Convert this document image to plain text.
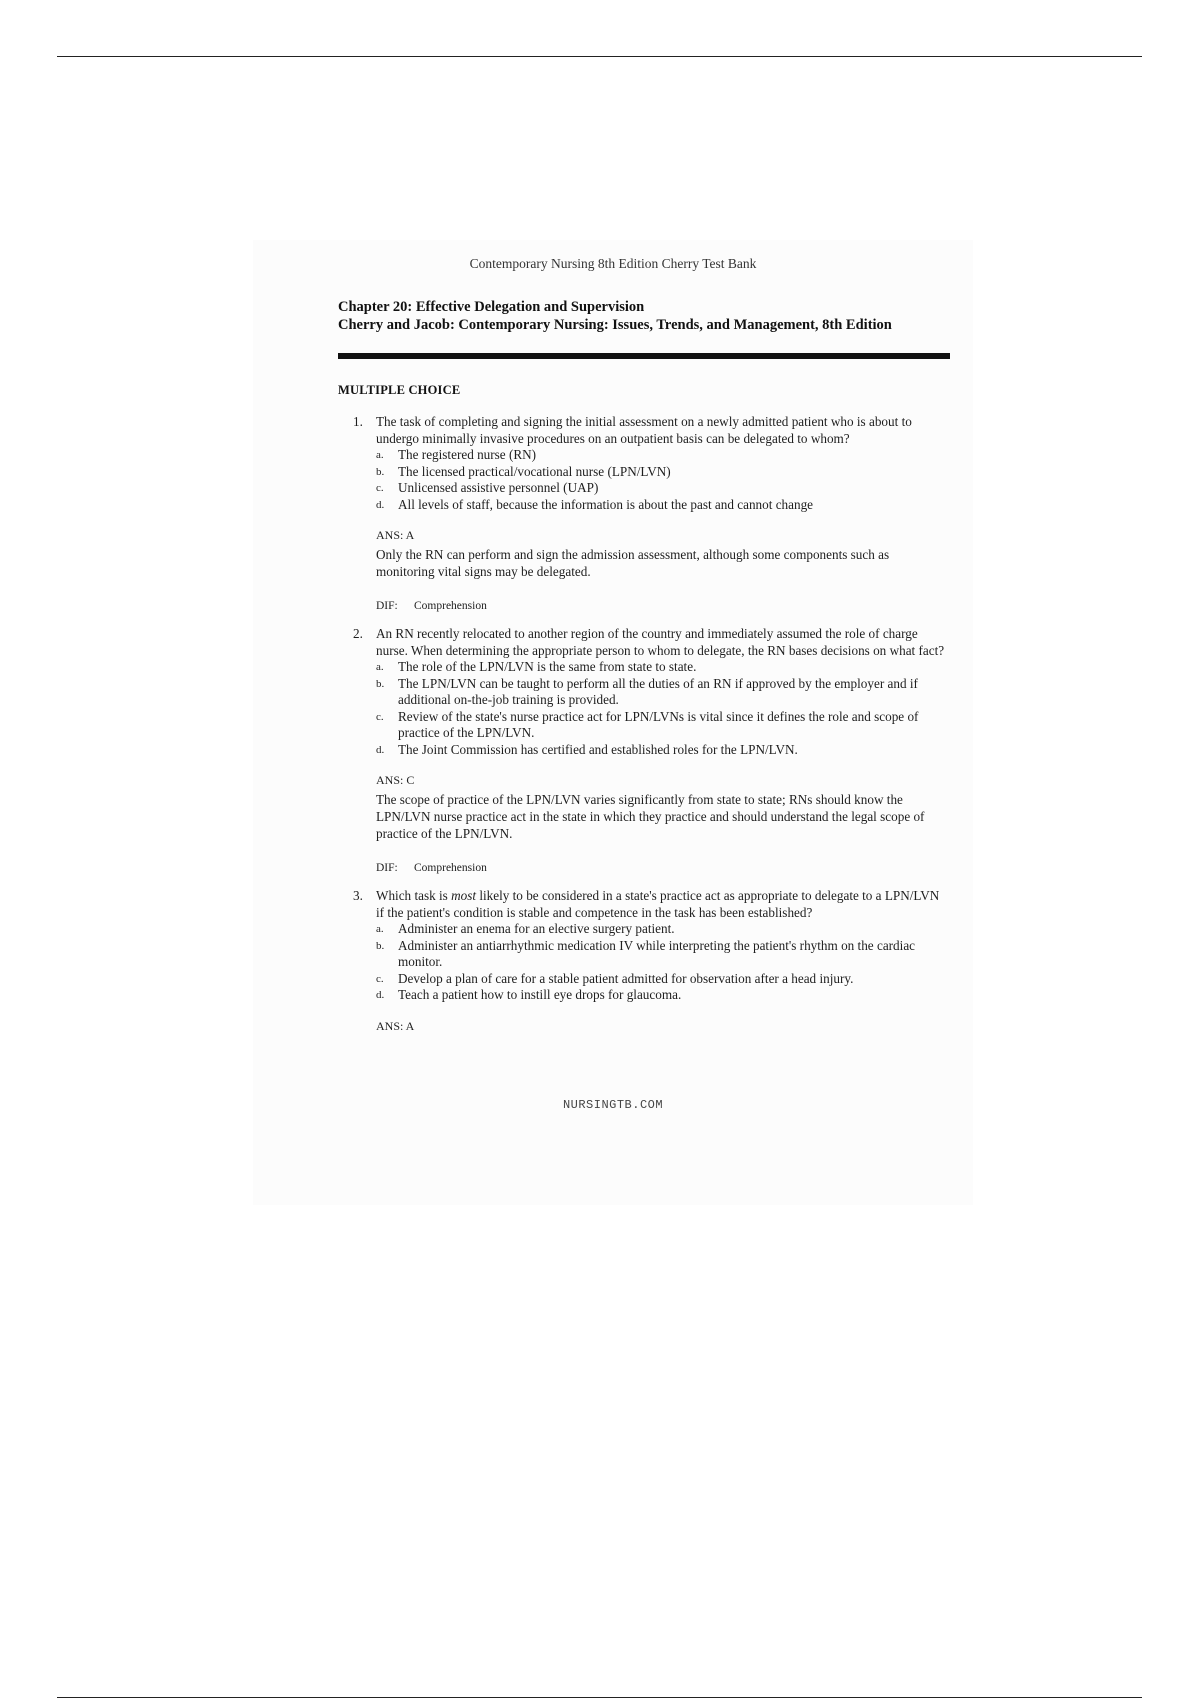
Contemporary Nursing 8th Edition Cherry Test Bank
Chapter 20: Effective Delegation and Supervision
Cherry and Jacob: Contemporary Nursing: Issues, Trends, and Management, 8th Edition
MULTIPLE CHOICE
1. The task of completing and signing the initial assessment on a newly admitted patient who is about to undergo minimally invasive procedures on an outpatient basis can be delegated to whom?
a. The registered nurse (RN)
b. The licensed practical/vocational nurse (LPN/LVN)
c. Unlicensed assistive personnel (UAP)
d. All levels of staff, because the information is about the past and cannot change
ANS: A
Only the RN can perform and sign the admission assessment, although some components such as monitoring vital signs may be delegated.
DIF: Comprehension
2. An RN recently relocated to another region of the country and immediately assumed the role of charge nurse. When determining the appropriate person to whom to delegate, the RN bases decisions on what fact?
a. The role of the LPN/LVN is the same from state to state.
b. The LPN/LVN can be taught to perform all the duties of an RN if approved by the employer and if additional on-the-job training is provided.
c. Review of the state's nurse practice act for LPN/LVNs is vital since it defines the role and scope of practice of the LPN/LVN.
d. The Joint Commission has certified and established roles for the LPN/LVN.
ANS: C
The scope of practice of the LPN/LVN varies significantly from state to state; RNs should know the LPN/LVN nurse practice act in the state in which they practice and should understand the legal scope of practice of the LPN/LVN.
DIF: Comprehension
3. Which task is most likely to be considered in a state's practice act as appropriate to delegate to a LPN/LVN if the patient's condition is stable and competence in the task has been established?
a. Administer an enema for an elective surgery patient.
b. Administer an antiarrhythmic medication IV while interpreting the patient's rhythm on the cardiac monitor.
c. Develop a plan of care for a stable patient admitted for observation after a head injury.
d. Teach a patient how to instill eye drops for glaucoma.
ANS: A
NURSINGTB.COM
